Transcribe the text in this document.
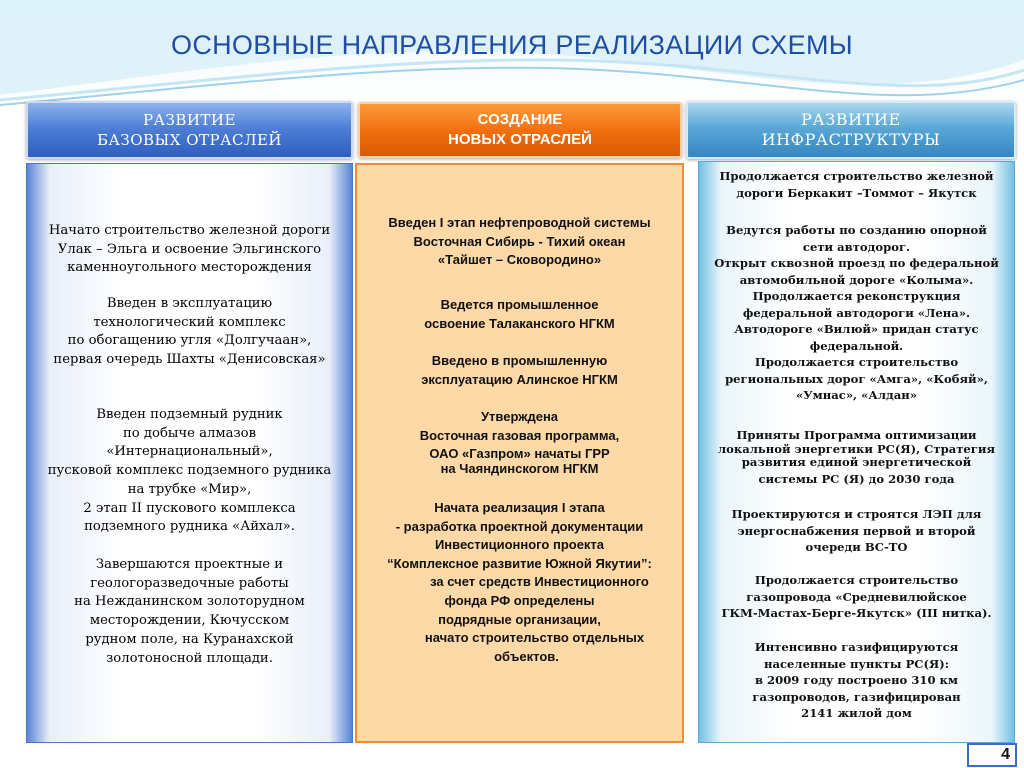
ОСНОВНЫЕ НАПРАВЛЕНИЯ РЕАЛИЗАЦИИ СХЕМЫ
РАЗВИТИЕ
БАЗОВЫХ ОТРАСЛЕЙ
СОЗДАНИЕ
НОВЫХ ОТРАСЛЕЙ
РАЗВИТИЕ
ИНФРАСТРУКТУРЫ
Начато строительство железной дороги
Улак – Эльга и освоение Эльгинского
каменноугольного месторождения
Введен в эксплуатацию
технологический комплекс
по обогащению угля «Долгучаан»,
первая очередь Шахты «Денисовская»
Введен подземный рудник
по добыче алмазов
«Интернациональный»,
пусковой комплекс подземного рудника
на трубке «Мир»,
2 этап II пускового комплекса
подземного рудника «Айхал».
Завершаются проектные и
геологоразведочные работы
на Нежданинском золоторудном
месторождении, Кючусском
рудном поле, на Куранахской
золотоносной площади.
Введен I этап нефтепроводной системы
Восточная Сибирь - Тихий океан
«Тайшет – Сковородино»
Ведется промышленное
освоение Талаканского НГКМ
Введено в промышленную
эксплуатацию Алинское НГКМ
Утверждена
Восточная газовая программа,
ОАО «Газпром» начаты ГРР
на Чаяндинскогом НГКМ
Начата реализация I этапа
- разработка проектной документации
Инвестиционного проекта
“Комплексное развитие Южной Якутии”:
за счет средств Инвестиционного
фонда РФ определены
подрядные организации,
начато строительство отдельных
объектов.
Продолжается строительство железной
дороги Беркакит –Томмот – Якутск
Ведутся работы по созданию опорной
сети автодорог.
Открыт сквозной проезд по федеральной
автомобильной дороге «Колыма».
Продолжается реконструкция
федеральной автодороги «Лена».
Автодороге «Вилюй» придан статус
федеральной.
Продолжается строительство
региональных дорог «Амга», «Кобяй»,
«Умнас», «Алдан»
Приняты Программа оптимизации
локальной энергетики РС(Я), Стратегия
развития единой энергетической
системы РС (Я) до 2030 года
Проектируются и строятся ЛЭП для
энергоснабжения первой и второй
очереди ВС-ТО
Продолжается строительство
газопровода «Средневилюйское
ГКМ-Мастах-Берге-Якутск» (III нитка).
Интенсивно газифицируются
населенные пункты РС(Я):
в 2009 году построено 310 км
газопроводов, газифицирован
2141 жилой дом
4
